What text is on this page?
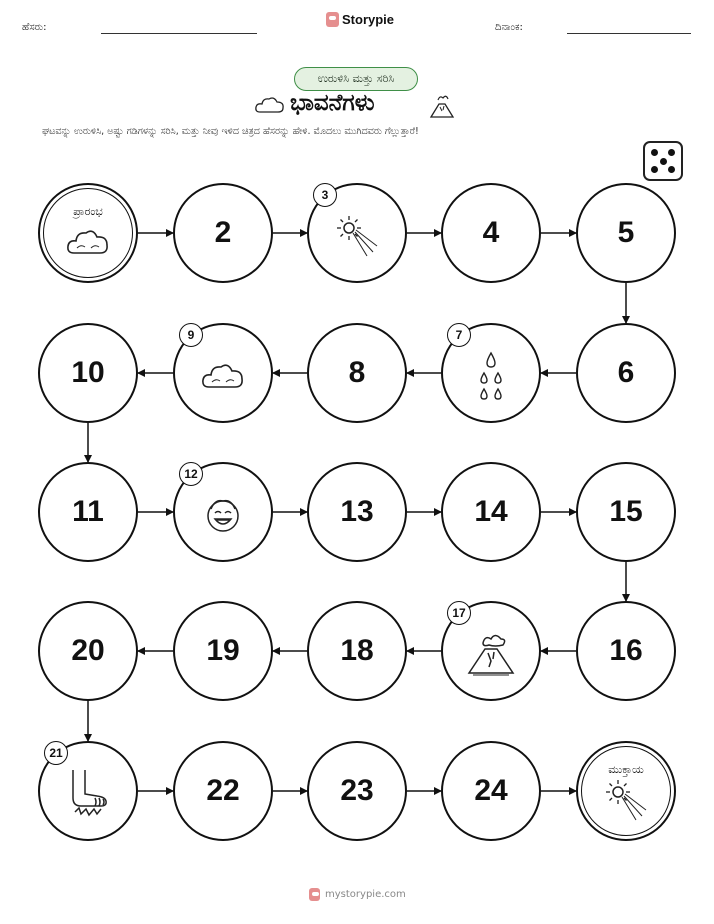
ಹೆಸರು:
Storypie
ದಿನಾಂಕ:
ಉರುಳಿಸಿ ಮತ್ತು ಸರಿಸಿ
ಭಾವನೆಗಳು
ಘಟವನ್ನು ಉರುಳಿಸಿ, ಅಷ್ಟು ಗಡಿಗಳನ್ನು ಸರಿಸಿ, ಮತ್ತು ನೀವು ಇಳಿದ ಚಿತ್ರದ ಹೆಸರನ್ನು ಹೇಳಿ. ಮೊದಲು ಮುಗಿದವರು ಗೆಲ್ಲುತ್ತಾರೆ!
ಪ್ರಾರಂಭ
2
3
4	5
6
7
8
9
10
11
12
13	14	15
16
17
18
19
20
21
22	23	24
ಮುಕ್ತಾಯ
mystorypie.com
